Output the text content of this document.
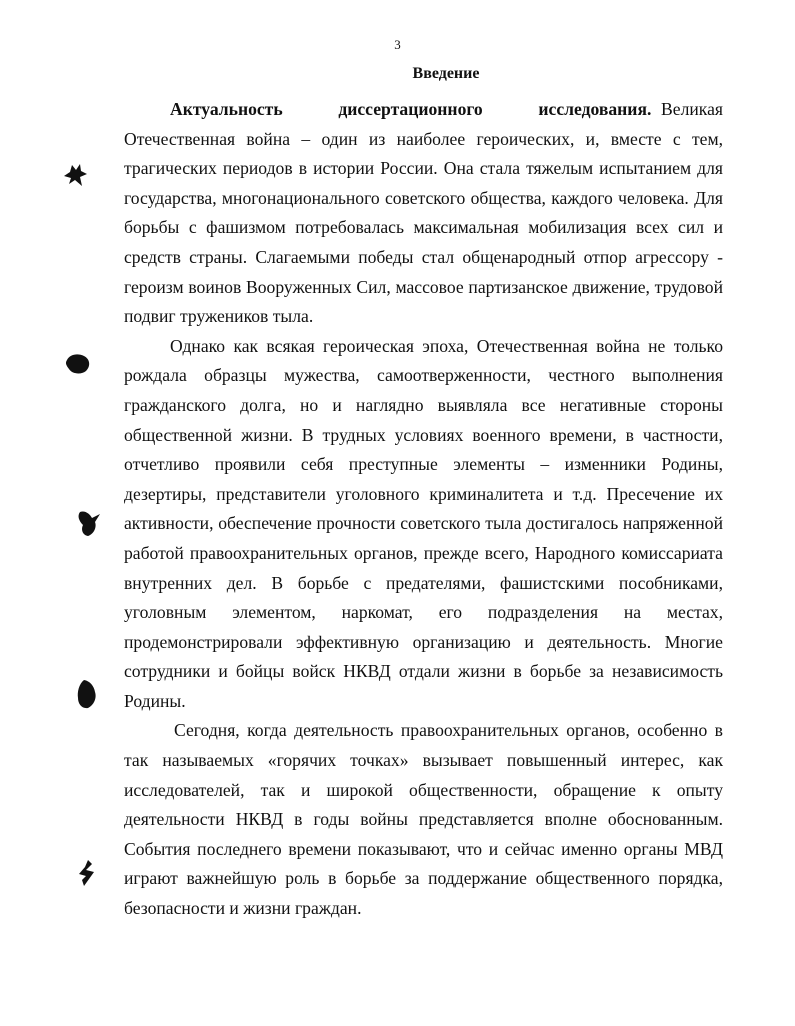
3
Введение

Актуальность диссертационного исследования. Великая Отечественная война – один из наиболее героических, и, вместе с тем, трагических периодов в истории России. Она стала тяжелым испытанием для государства, многонационального советского общества, каждого человека. Для борьбы с фашизмом потребовалась максимальная мобилизация всех сил и средств страны. Слагаемыми победы стал общенародный отпор агрессору - героизм воинов Вооруженных Сил, массовое партизанское движение, трудовой подвиг тружеников тыла.

Однако как всякая героическая эпоха, Отечественная война не только рождала образцы мужества, самоотверженности, честного выполнения гражданского долга, но и наглядно выявляла все негативные стороны общественной жизни. В трудных условиях военного времени, в частности, отчетливо проявили себя преступные элементы – изменники Родины, дезертиры, представители уголовного криминалитета и т.д. Пресечение их активности, обеспечение прочности советского тыла достигалось напряженной работой правоохранительных органов, прежде всего, Народного комиссариата внутренних дел. В борьбе с предателями, фашистскими пособниками, уголовным элементом, наркомат, его подразделения на местах, продемонстрировали эффективную организацию и деятельность. Многие сотрудники и бойцы войск НКВД отдали жизни в борьбе за независимость Родины.

Сегодня, когда деятельность правоохранительных органов, особенно в так называемых «горячих точках» вызывает повышенный интерес, как исследователей, так и широкой общественности, обращение к опыту деятельности НКВД в годы войны представляется вполне обоснованным. События последнего времени показывают, что и сейчас именно органы МВД играют важнейшую роль в борьбе за поддержание общественного порядка, безопасности и жизни граждан.
